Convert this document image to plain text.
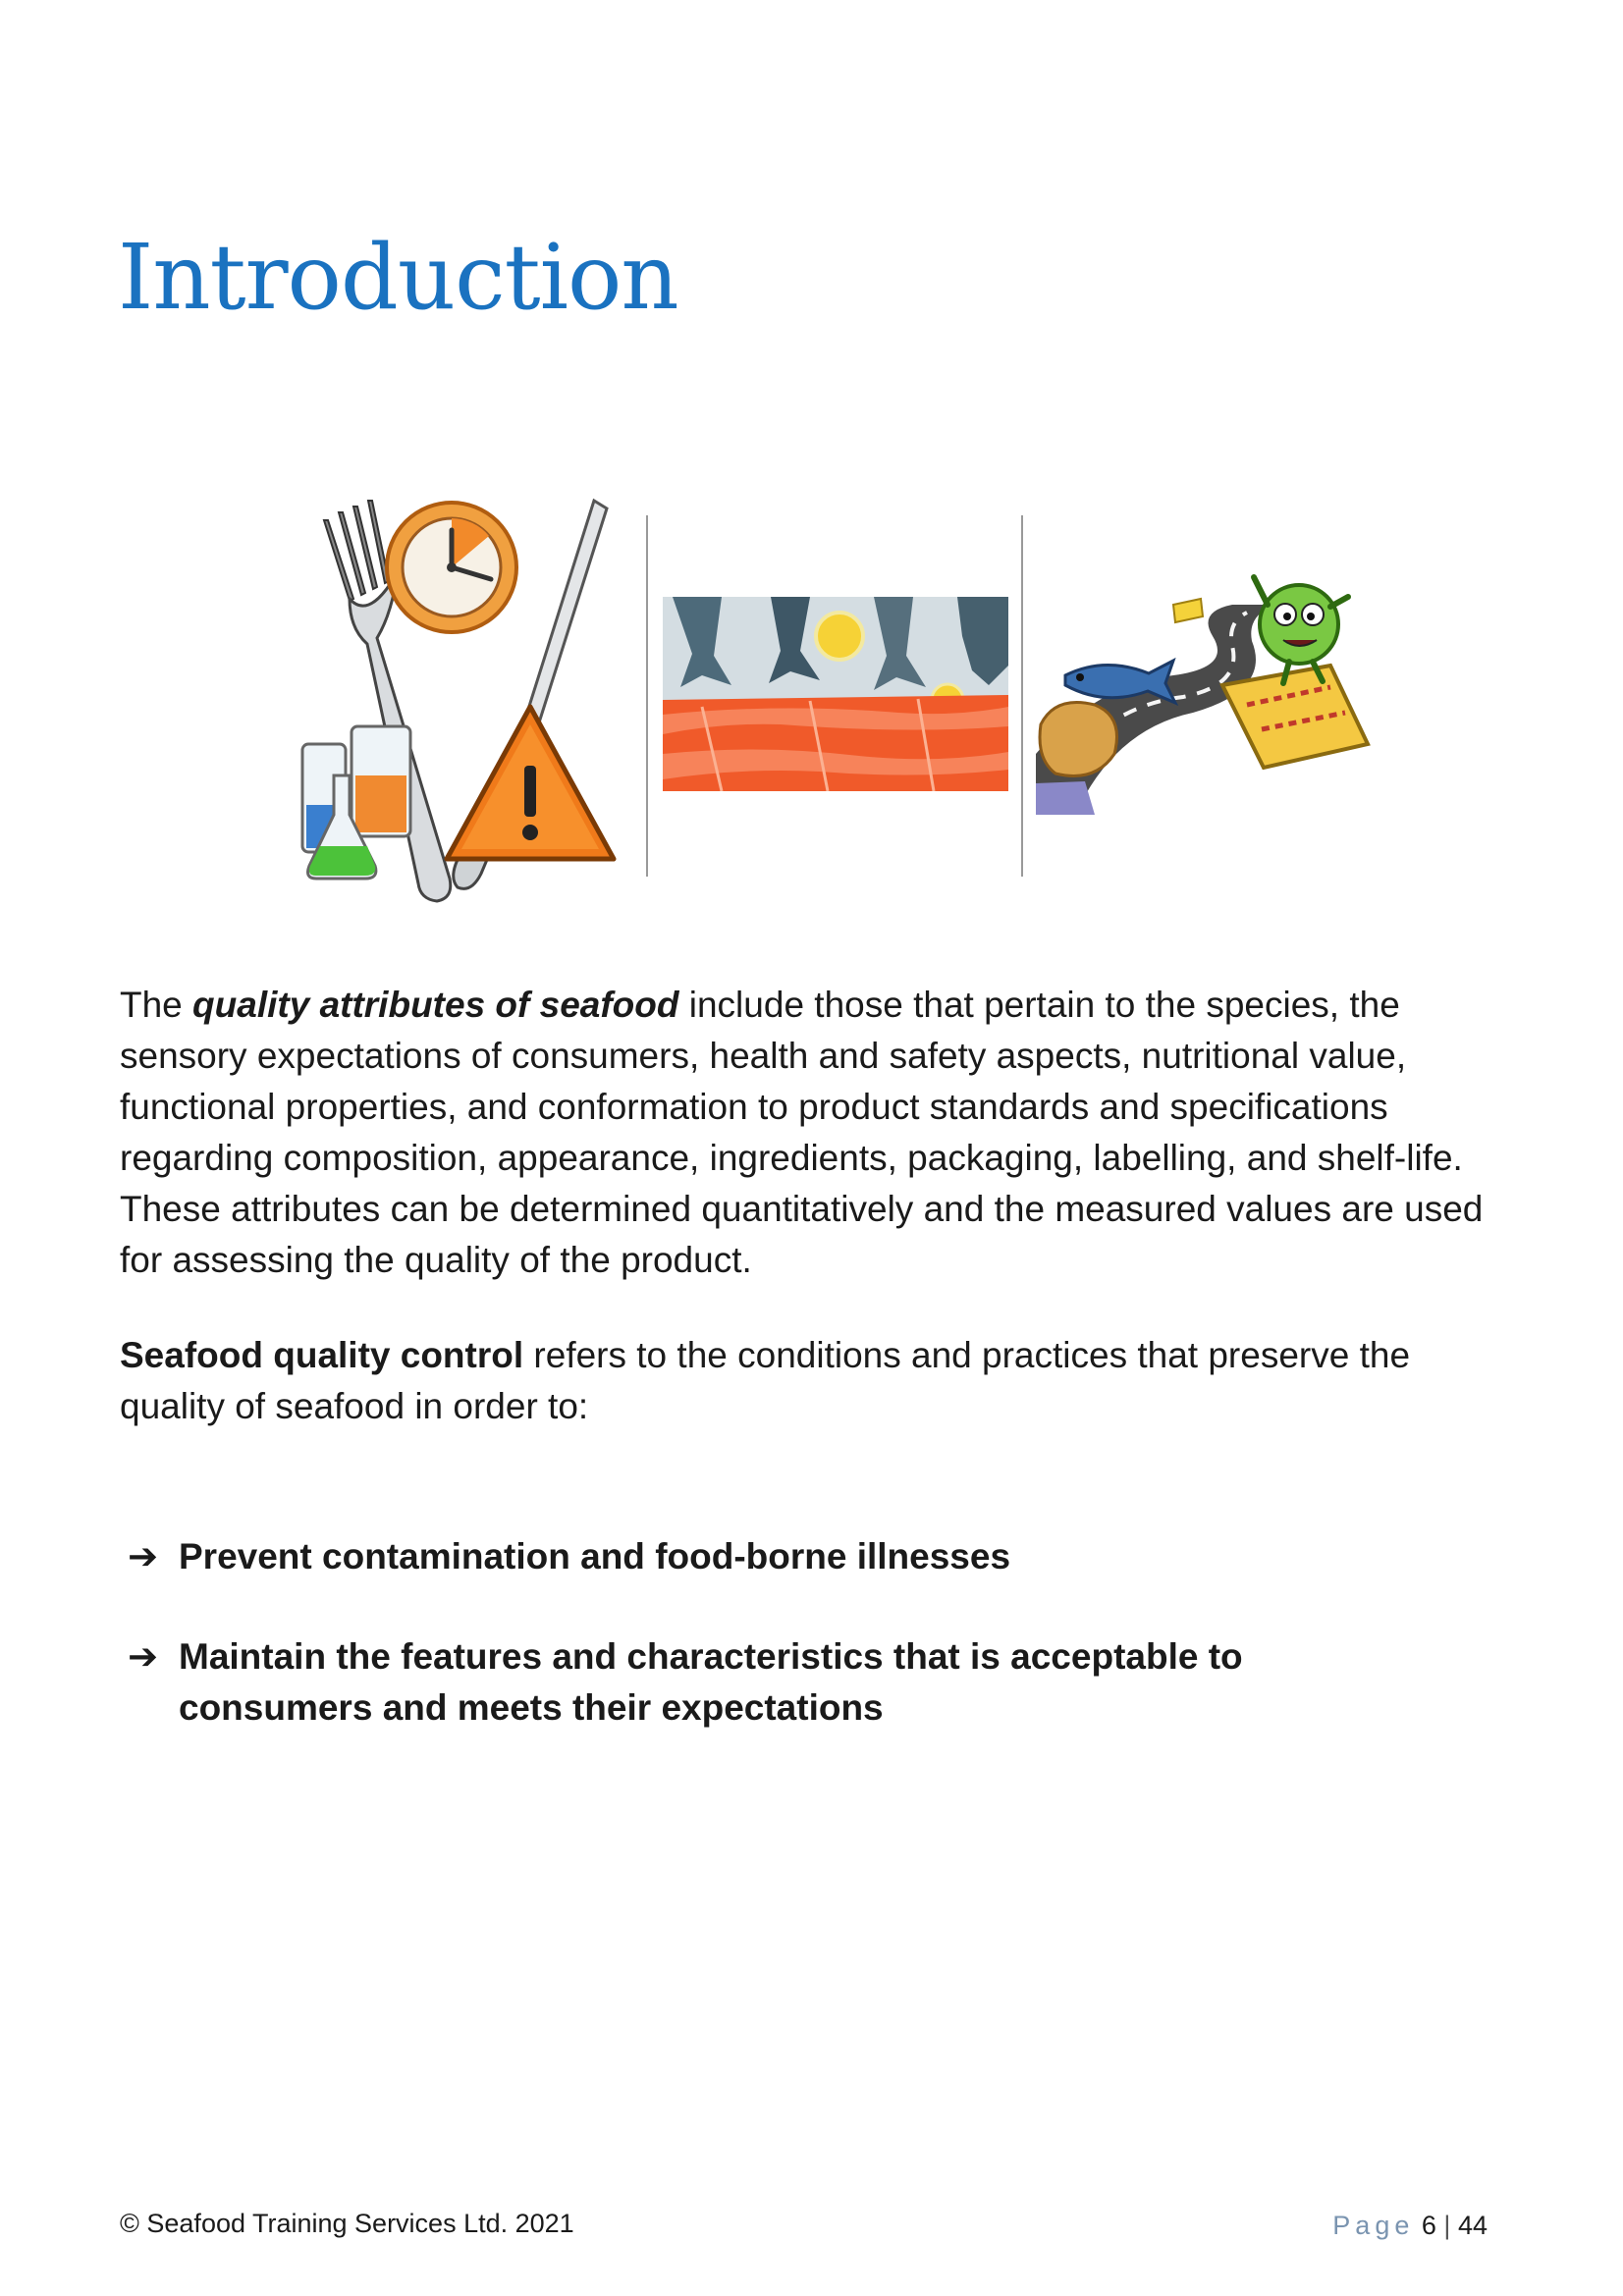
Introduction

The quality attributes of seafood include those that pertain to the species, the sensory expectations of consumers, health and safety aspects, nutritional value, functional properties, and conformation to product standards and specifications regarding composition, appearance, ingredients, packaging, labelling, and shelf-life. These attributes can be determined quantitatively and the measured values are used for assessing the quality of the product.

Seafood quality control refers to the conditions and practices that preserve the quality of seafood in order to:

➔ Prevent contamination and food-borne illnesses
➔ Maintain the features and characteristics that is acceptable to consumers and meets their expectations
© Seafood Training Services Ltd. 2021	Page 6 | 44
